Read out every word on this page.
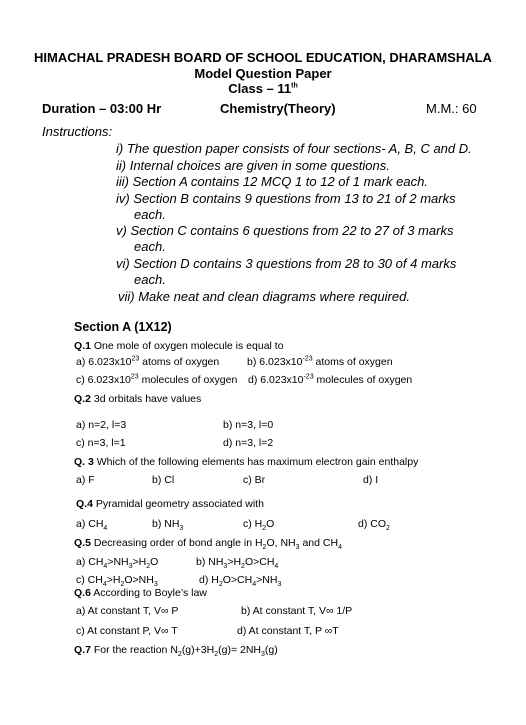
HIMACHAL PRADESH BOARD OF SCHOOL EDUCATION, DHARAMSHALA
Model Question Paper
Class – 11th
Duration – 03:00 Hr	Chemistry(Theory)	M.M.: 60
Instructions:
i) The question paper consists of four sections- A, B, C and D.
ii) Internal choices are given in some questions.
iii) Section A contains 12 MCQ 1 to 12 of 1 mark each.
iv) Section B contains 9 questions from 13 to 21 of 2 marks
each.
v) Section C contains 6 questions from 22 to 27 of 3 marks
each.
vi) Section D contains 3 questions from 28 to 30 of 4 marks
each.
vii) Make neat and clean diagrams where required.
Section A (1X12)
Q.1 One mole of oxygen molecule is equal to
a) $6.023x10^{23}$ atoms of oxygen	b) $6.023x10^{-23}$ atoms of oxygen
c) $6.023x10^{23}$ molecules of oxygen d) $6.023x10^{-23}$ molecules of oxygen
Q.2 3d orbitals have values
a) n=2, l=3	b) n=3, l=0
c) n=3, l=1	d) n=3, l=2
Q. 3 Which of the following elements has maximum electron gain enthalpy
a) F	b) Cl	c) Br	d) I
Q.4 Pyramidal geometry associated with
a) $CH_4$	b) $NH_3$	c) $H_2O$	d) $CO_2$
Q.5 Decreasing order of bond angle in $H_2O$, $NH_3$ and $CH_4$
a) $CH_4>NH_3>H_2O$	b) $NH_3>H_2O>CH_4$
c) $CH_4>H_2O>NH_3$	d) $H_2O>CH_4>NH_3$
Q.6 According to Boyle’s law
a) At constant T, V∞ P	b) At constant T, V∞ 1/P
c) At constant P, V∞ T	d) At constant T, P ∞T
Q.7 For the reaction $N_2(g)+3H_2(g)= 2NH_3(g)$
